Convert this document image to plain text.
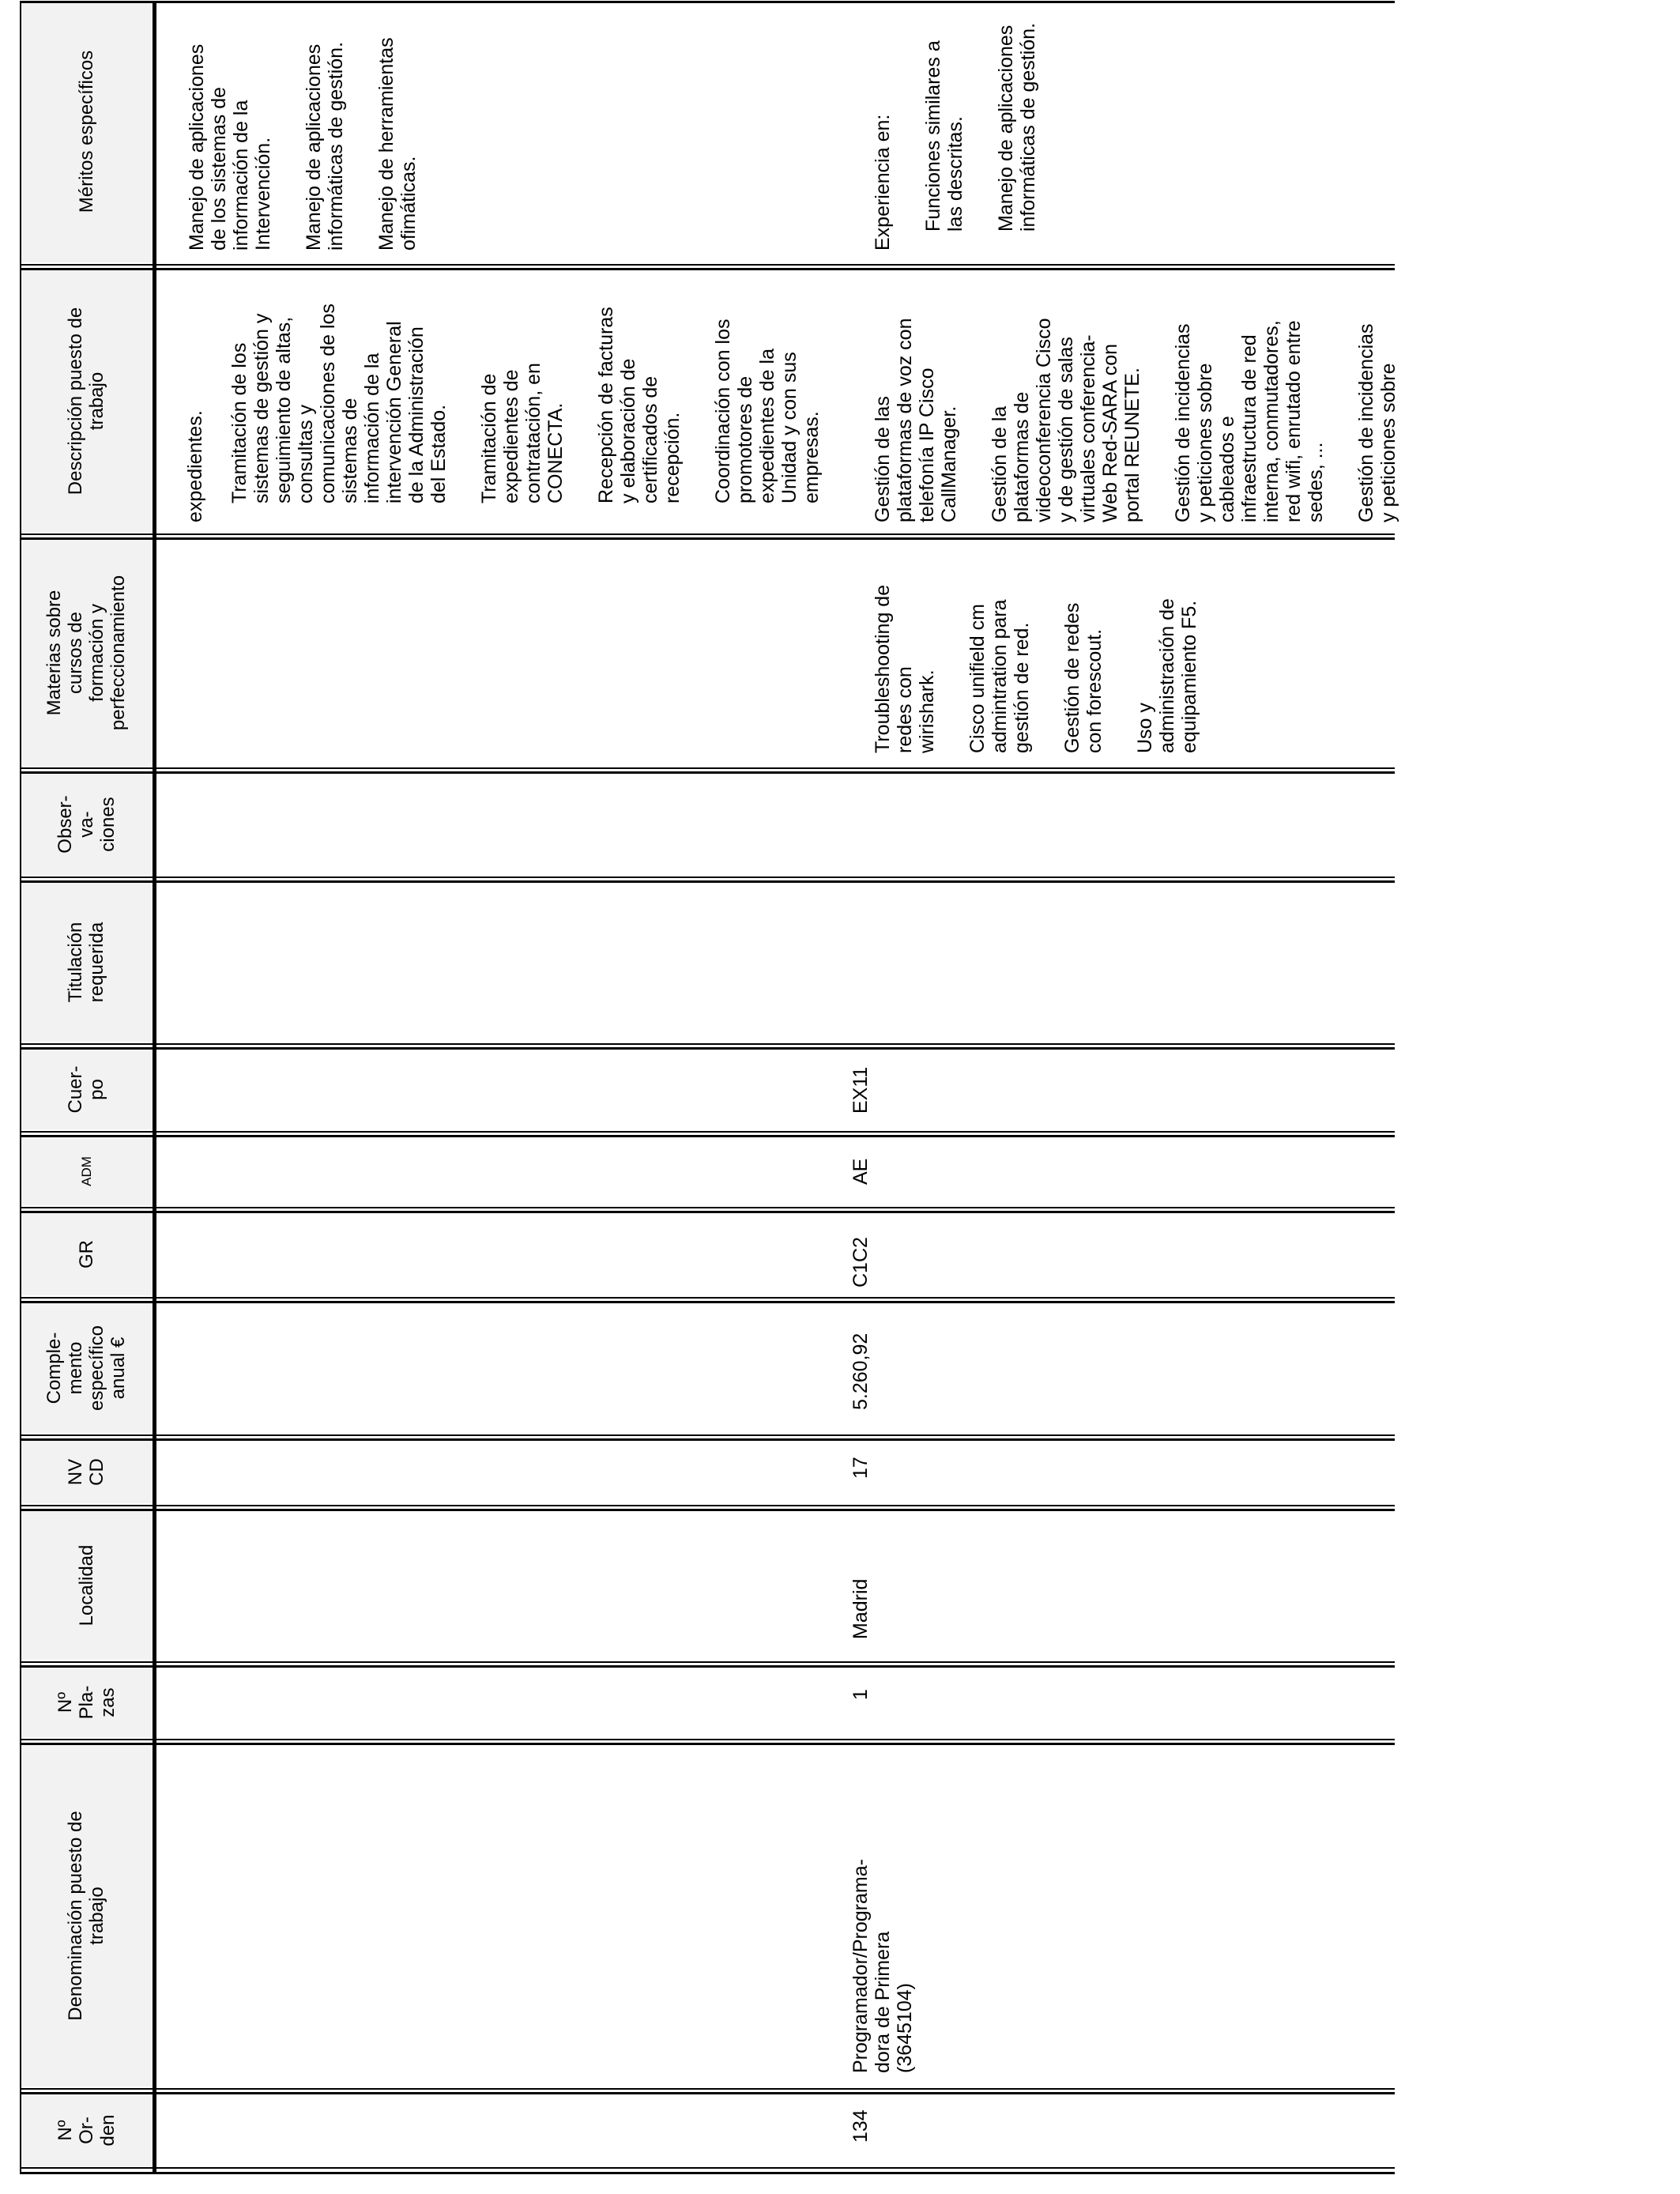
Nº
Or-
den
Denominación puesto de
trabajo
Nº
Pla-
zas
Localidad
NV
CD
Comple-
mento
específico
anual €
GR
ADM
Cuer-
po
Titulación
requerida
Obser-
va-
ciones
Materias sobre
cursos de
formación y
perfeccionamiento
Descripción puesto de
trabajo
Méritos específicos

expedientes. Tramitación de los
sistemas de gestión y
seguimiento de altas,
consultas y
comunicaciones de los
sistemas de
información de la
intervención General
de la Administración
del Estado. Tramitación de
expedientes de
contratación, en
CONECTA. Recepción de facturas
y elaboración de
certificados de
recepción. Coordinación con los
promotores de
expedientes de la
Unidad y con sus
empresas.

Manejo de aplicaciones
de los sistemas de
información de la
Intervención. Manejo de aplicaciones
informáticas de gestión.

Manejo de herramientas
ofimáticas.

134
Programador/Programa-
dora de Primera
(3645104)
1
Madrid
17
5.260,92
C1C2
AE
EX11

Troubleshooting de
redes con
wirishark. Cisco unifield cm
admintration para
gestión de red.

Gestión de redes
con forescout.

Uso y
administración de
equipamiento F5.

Gestión de las
plataformas de voz con
telefonía IP Cisco
CallManager. Gestión de la
plataformas de
videoconferencia Cisco
y de gestión de salas
virtuales conferencia-
Web Red-SARA con
portal REUNETE.

Gestión de incidencias
y peticiones sobre
cableados e
infraestructura de red
interna, conmutadores,
red wifi, enrutado entre
sedes, ...

Gestión de incidencias
y peticiones sobre

Experiencia en: Funciones similares a
las descritas. Manejo de aplicaciones
informáticas de gestión.
